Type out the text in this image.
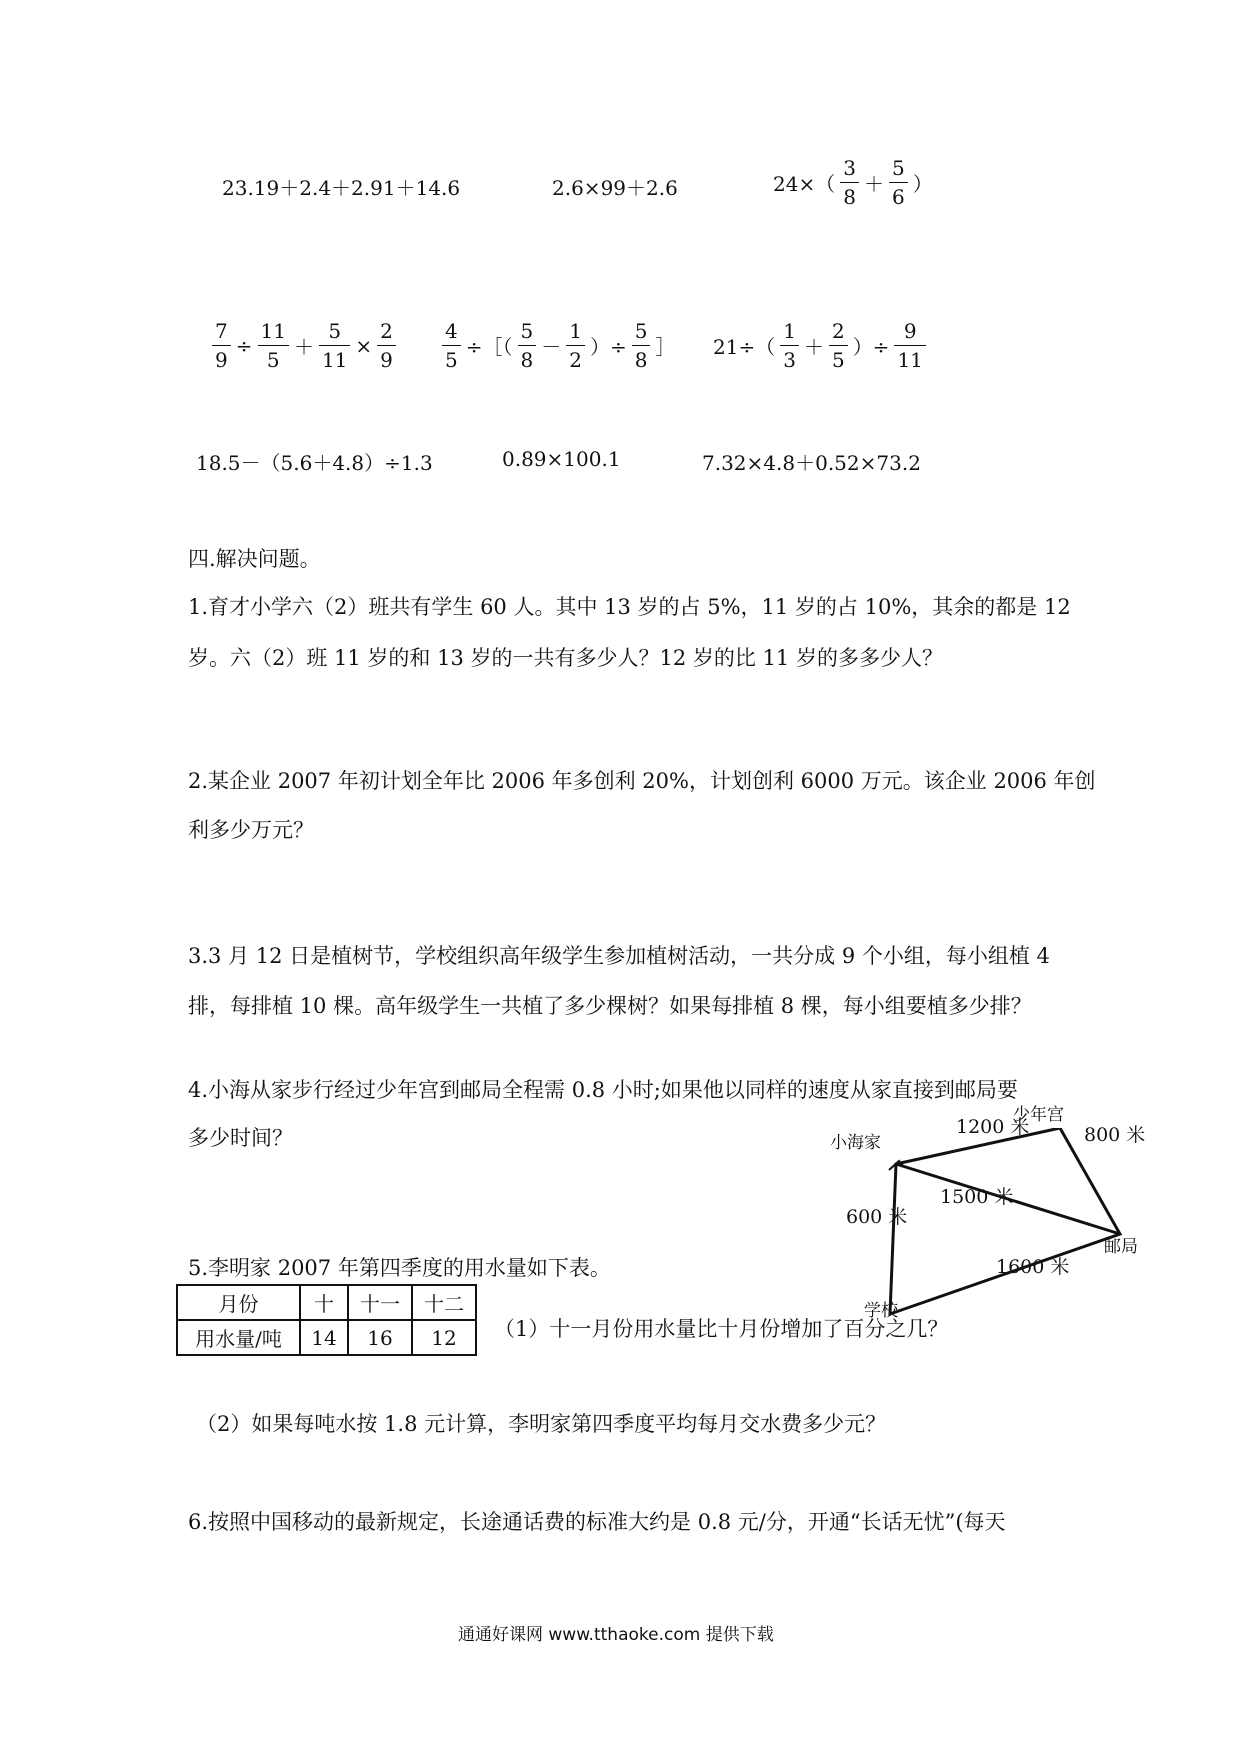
23.19＋2.4＋2.91＋14.6	2.6×99＋2.6	$24\times( \frac{3}{8} + \frac{5}{6}$ ）
$\frac{7}{9} \div \frac{11}{5} + \frac{5}{11} \times \frac{2}{9} \frac{4}{5}$ ÷［（ $\frac{5}{8} - \frac{1}{2}$ ）÷ $\frac{5}{8}$ ］ $21\div( \frac{1}{3} + \frac{2}{5}$ ）÷ $\frac{9}{11}$
18.5－（5.6＋4.8）÷1.3	0.89×100.1	7.32×4.8＋0.52×73.2
四.解决问题。
1.育才小学六（2）班共有学生 60 人。其中 13 岁的占 5%，11 岁的占 10%，其余的都是 12
岁。六（2）班 11 岁的和 13 岁的一共有多少人？12 岁的比 11 岁的多多少人？
2.某企业 2007 年初计划全年比 2006 年多创利 20%，计划创利 6000 万元。该企业 2006 年创
利多少万元？
3.3 月 12 日是植树节，学校组织高年级学生参加植树活动，一共分成 9 个小组，每小组植 4
排，每排植 10 棵。高年级学生一共植了多少棵树？如果每排植 8 棵，每小组要植多少排？
4.小海从家步行经过少年宫到邮局全程需 0.8 小时;如果他以同样的速度从家直接到邮局要
多少时间？	小海家
少年宫
邮局
学校
1200 米	800 米
1500 米
600 米
1600 米
5.李明家 2007 年第四季度的用水量如下表。
月份	十	十一	十二
用水量/吨	14	16	12 （1）十一月份用水量比十月份增加了百分之几？
（2）如果每吨水按 1.8 元计算，李明家第四季度平均每月交水费多少元？
6.按照中国移动的最新规定，长途通话费的标准大约是 0.8 元/分，开通“长话无忧”(每天
通通好课网 www.tthaoke.com 提供下载
